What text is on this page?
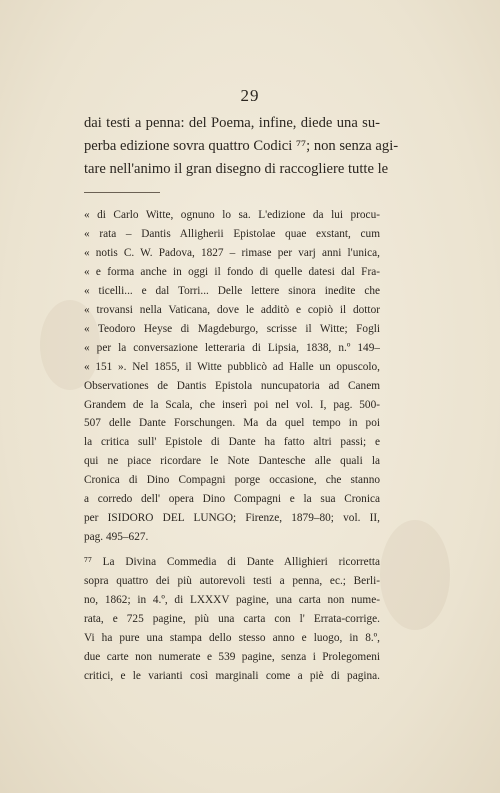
29
dai testi a penna: del Poema, infine, diede una su-
perba edizione sovra quattro Codici ⁷⁷; non senza agi-
tare nell'animo il gran disegno di raccogliere tutte le
« di Carlo Witte, ognuno lo sa. L'edizione da lui procu-
« rata – Dantis Alligherii Epistolae quae exstant, cum
« notis C. W. Padova, 1827 – rimase per varj anni l'unica,
« e forma anche in oggi il fondo di quelle datesi dal Fra-
« ticelli... e dal Torri... Delle lettere sinora inedite che
« trovansi nella Vaticana, dove le additò e copiò il dottor
« Teodoro Heyse di Magdeburgo, scrisse il Witte; Fogli
« per la conversazione letteraria di Lipsia, 1838, n.º 149–
« 151 ». Nel 1855, il Witte pubblicò ad Halle un opuscolo,
Observationes de Dantis Epistola nuncupatoria ad Canem
Grandem de la Scala, che inserì poi nel vol. I, pag. 500-
507 delle Dante Forschungen. Ma da quel tempo in poi
la critica sull' Epistole di Dante ha fatto altri passi; e
qui ne piace ricordare le Note Dantesche alle quali la
Cronica di Dino Compagni porge occasione, che stanno
a corredo dell' opera Dino Compagni e la sua Cronica
per ISIDORO DEL LUNGO; Firenze, 1879–80; vol. II,
pag. 495–627.
⁷⁷ La Divina Commedia di Dante Allighieri ricorretta
sopra quattro dei più autorevoli testi a penna, ec.; Berli-
no, 1862; in 4.º, di LXXXV pagine, una carta non nume-
rata, e 725 pagine, più una carta con l' Errata-corrige.
Vi ha pure una stampa dello stesso anno e luogo, in 8.º,
due carte non numerate e 539 pagine, senza i Prolegomeni
critici, e le varianti così marginali come a piè di pagina.
